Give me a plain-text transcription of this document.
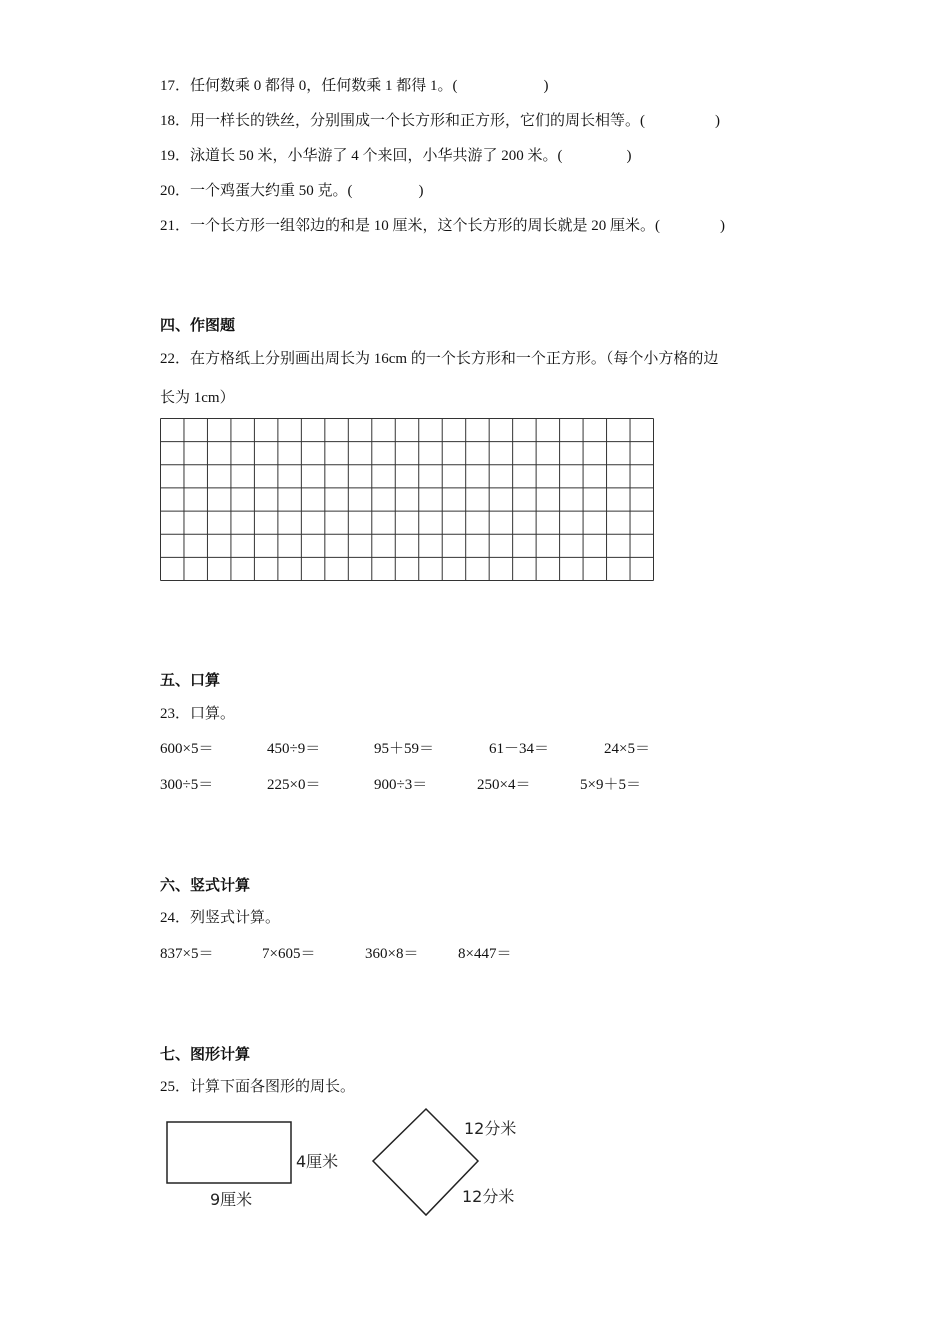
17．任何数乘 0 都得 0，任何数乘 1 都得 1。(	)
18．用一样长的铁丝，分别围成一个长方形和正方形，它们的周长相等。(	)
19．泳道长 50 米，小华游了 4 个来回，小华共游了 200 米。(	)
20．一个鸡蛋大约重 50 克。(	)
21．一个长方形一组邻边的和是 10 厘米，这个长方形的周长就是 20 厘米。(	)
四、作图题
22．在方格纸上分别画出周长为 16cm 的一个长方形和一个正方形。（每个小方格的边
长为 1cm）
五、口算
23．口算。
600×5＝	450÷9＝	95＋59＝	61－34＝	24×5＝
300÷5＝	225×0＝	900÷3＝	250×4＝	5×9＋5＝
六、竖式计算
24．列竖式计算。
837×5＝	7×605＝	360×8＝	8×447＝
七、图形计算
25．计算下面各图形的周长。
4厘米
9厘米
12分米
12分米
